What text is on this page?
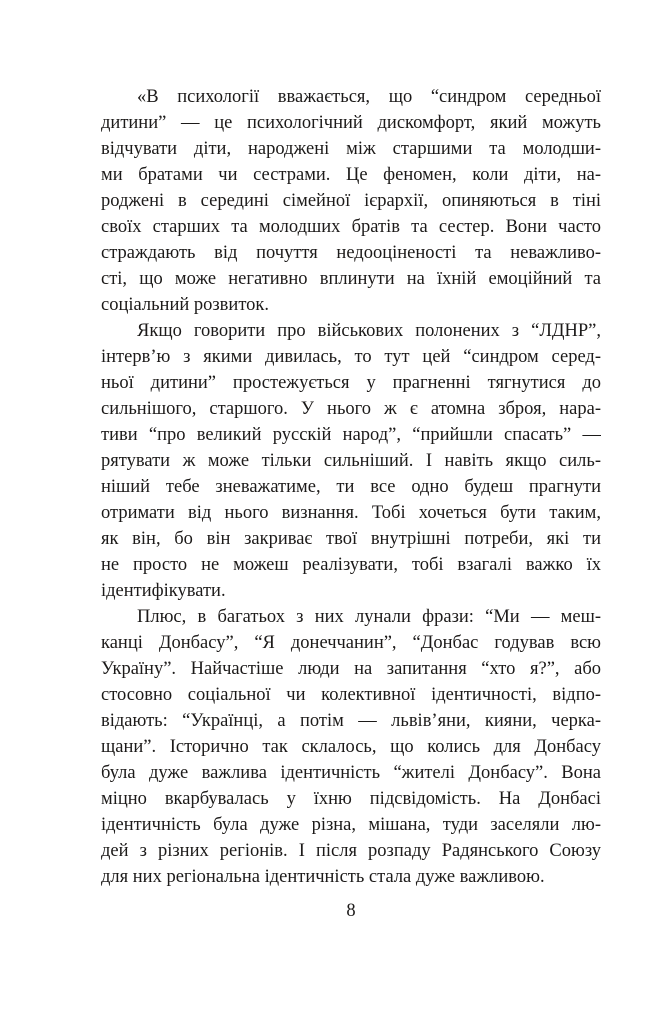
«В психології вважається, що “синдром середньої
дитини” — це психологічний дискомфорт, який можуть
відчувати діти, народжені між старшими та молодши-
ми братами чи сестрами. Це феномен, коли діти, на-
роджені в середині сімейної ієрархії, опиняються в тіні
своїх старших та молодших братів та сестер. Вони часто
страждають від почуття недооціненості та неважливо-
сті, що може негативно вплинути на їхній емоційний та
соціальний розвиток.
Якщо говорити про військових полонених з “ЛДНР”,
інтерв’ю з якими дивилась, то тут цей “синдром серед-
ньої дитини” простежується у прагненні тягнутися до
сильнішого, старшого. У нього ж є атомна зброя, нара-
тиви “про великий русскій народ”, “прийшли спасать” —
рятувати ж може тільки сильніший. І навіть якщо силь-
ніший тебе зневажатиме, ти все одно будеш прагнути
отримати від нього визнання. Тобі хочеться бути таким,
як він, бо він закриває твої внутрішні потреби, які ти
не просто не можеш реалізувати, тобі взагалі важко їх
ідентифікувати.
Плюс, в багатьох з них лунали фрази: “Ми — меш-
канці Донбасу”, “Я донеччанин”, “Донбас годував всю
Україну”. Найчастіше люди на запитання “хто я?”, або
стосовно соціальної чи колективної ідентичності, відпо-
відають: “Українці, а потім — львів’яни, кияни, черка-
щани”. Історично так склалось, що колись для Донбасу
була дуже важлива ідентичність “жителі Донбасу”. Вона
міцно вкарбувалась у їхню підсвідомість. На Донбасі
ідентичність була дуже різна, мішана, туди заселяли лю-
дей з різних регіонів. І після розпаду Радянського Союзу
для них регіональна ідентичність стала дуже важливою.
8
